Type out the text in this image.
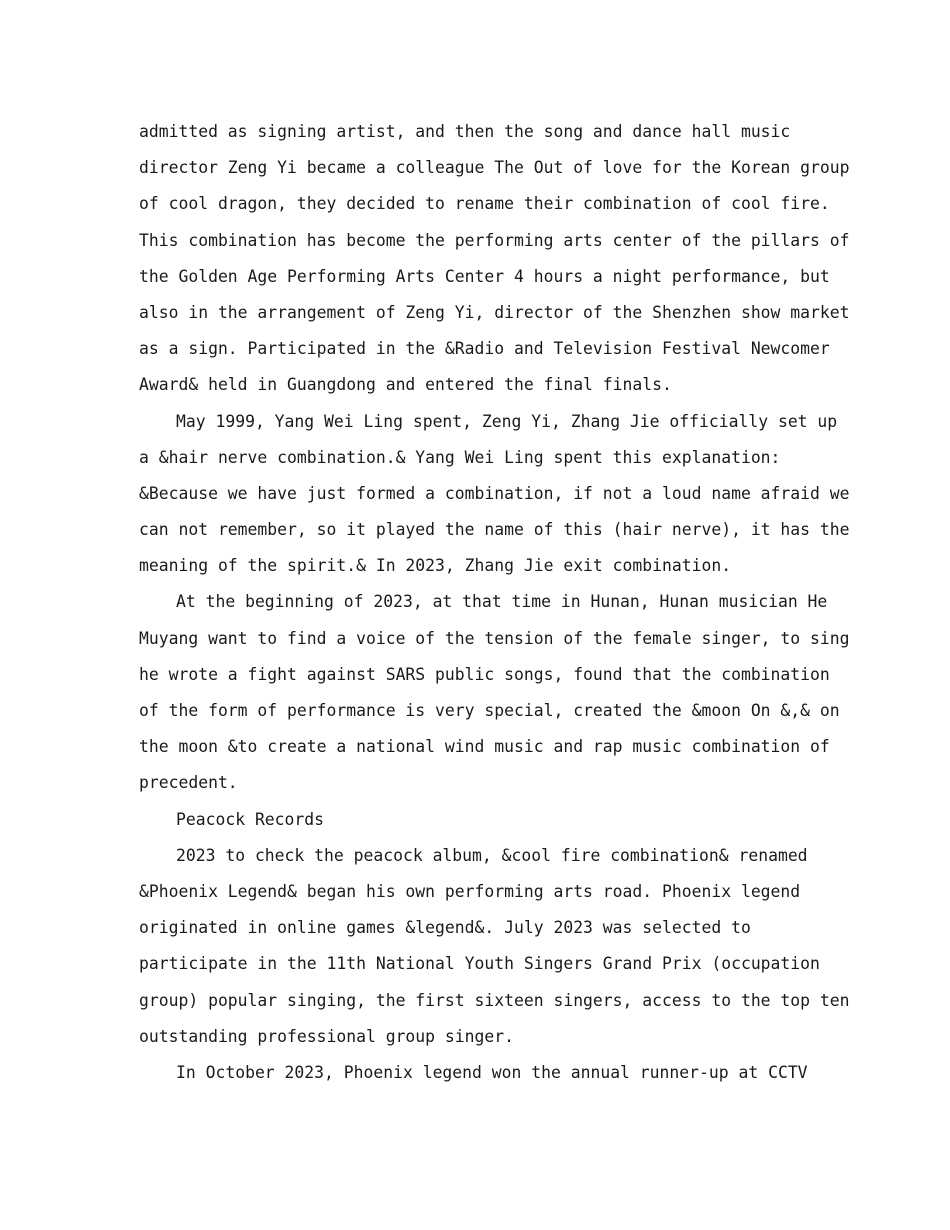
admitted as signing artist, and then the song and dance hall music
director Zeng Yi became a colleague The Out of love for the Korean group
of cool dragon, they decided to rename their combination of cool fire.
This combination has become the performing arts center of the pillars of
the Golden Age Performing Arts Center 4 hours a night performance, but
also in the arrangement of Zeng Yi, director of the Shenzhen show market
as a sign. Participated in the &Radio and Television Festival Newcomer
Award& held in Guangdong and entered the final finals.
May 1999, Yang Wei Ling spent, Zeng Yi, Zhang Jie officially set up
a &hair nerve combination.& Yang Wei Ling spent this explanation:
&Because we have just formed a combination, if not a loud name afraid we
can not remember, so it played the name of this (hair nerve), it has the
meaning of the spirit.& In 2023, Zhang Jie exit combination.
At the beginning of 2023, at that time in Hunan, Hunan musician He
Muyang want to find a voice of the tension of the female singer, to sing
he wrote a fight against SARS public songs, found that the combination
of the form of performance is very special, created the &moon On &,& on
the moon &to create a national wind music and rap music combination of
precedent.
Peacock Records
2023 to check the peacock album, &cool fire combination& renamed
&Phoenix Legend& began his own performing arts road. Phoenix legend
originated in online games &legend&. July 2023 was selected to
participate in the 11th National Youth Singers Grand Prix (occupation
group) popular singing, the first sixteen singers, access to the top ten
outstanding professional group singer.
In October 2023, Phoenix legend won the annual runner-up at CCTV
